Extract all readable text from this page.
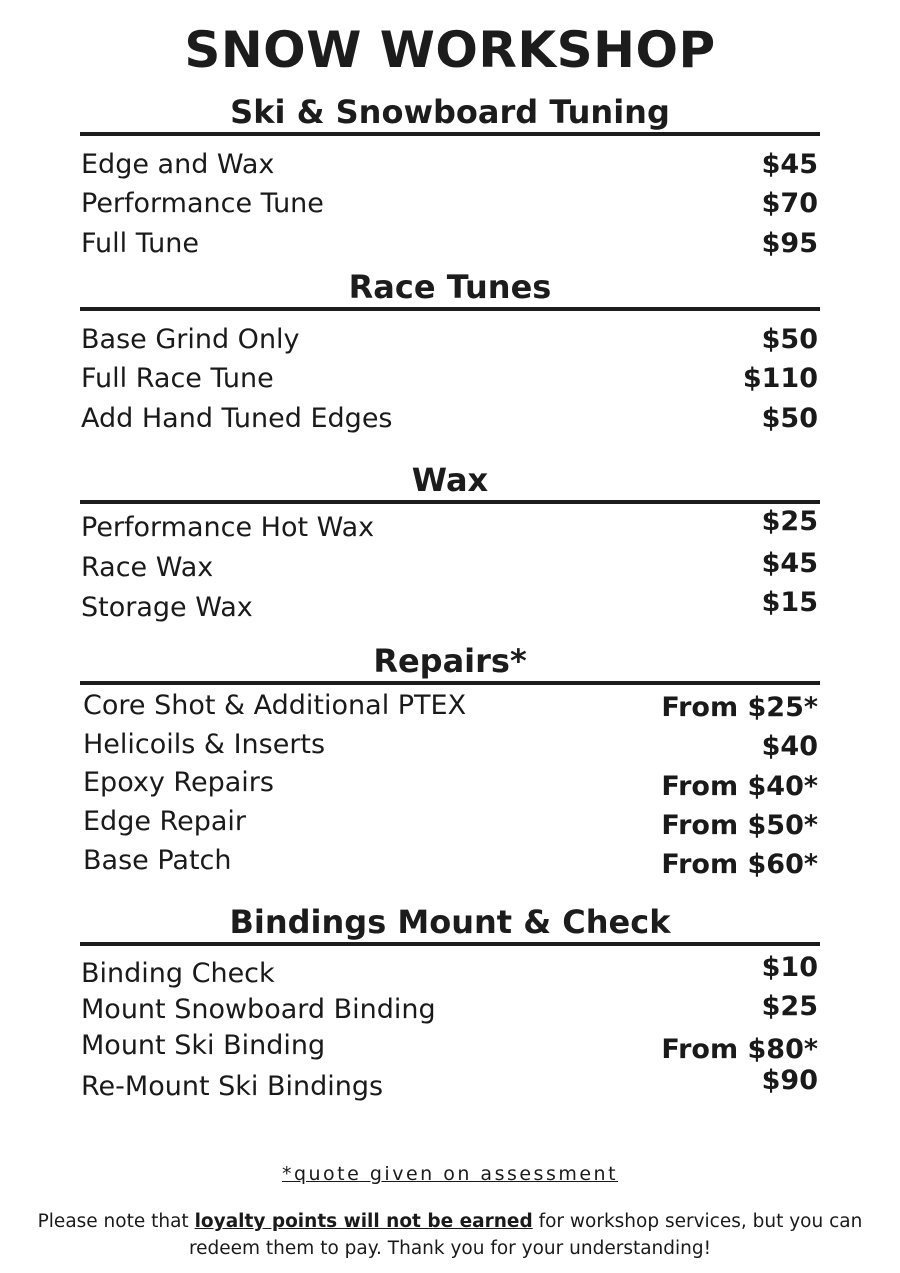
SNOW WORKSHOP
Ski & Snowboard Tuning
Edge and Wax	$45
Performance Tune	$70
Full Tune	$95
Race Tunes
Base Grind Only	$50
Full Race Tune	$110
Add Hand Tuned Edges	$50
Wax
Performance Hot Wax	$25
Race Wax	$45
Storage Wax	$15
Repairs*
Core Shot & Additional PTEX	From $25*
Helicoils & Inserts	$40
Epoxy Repairs	From $40*
Edge Repair	From $50*
Base Patch	From $60*
Bindings Mount & Check
Binding Check	$10
Mount Snowboard Binding	$25
Mount Ski Binding	From $80*
Re-Mount Ski Bindings	$90
*quote given on assessment
Please note that loyalty points will not be earned for workshop services, but you can redeem them to pay. Thank you for your understanding!
